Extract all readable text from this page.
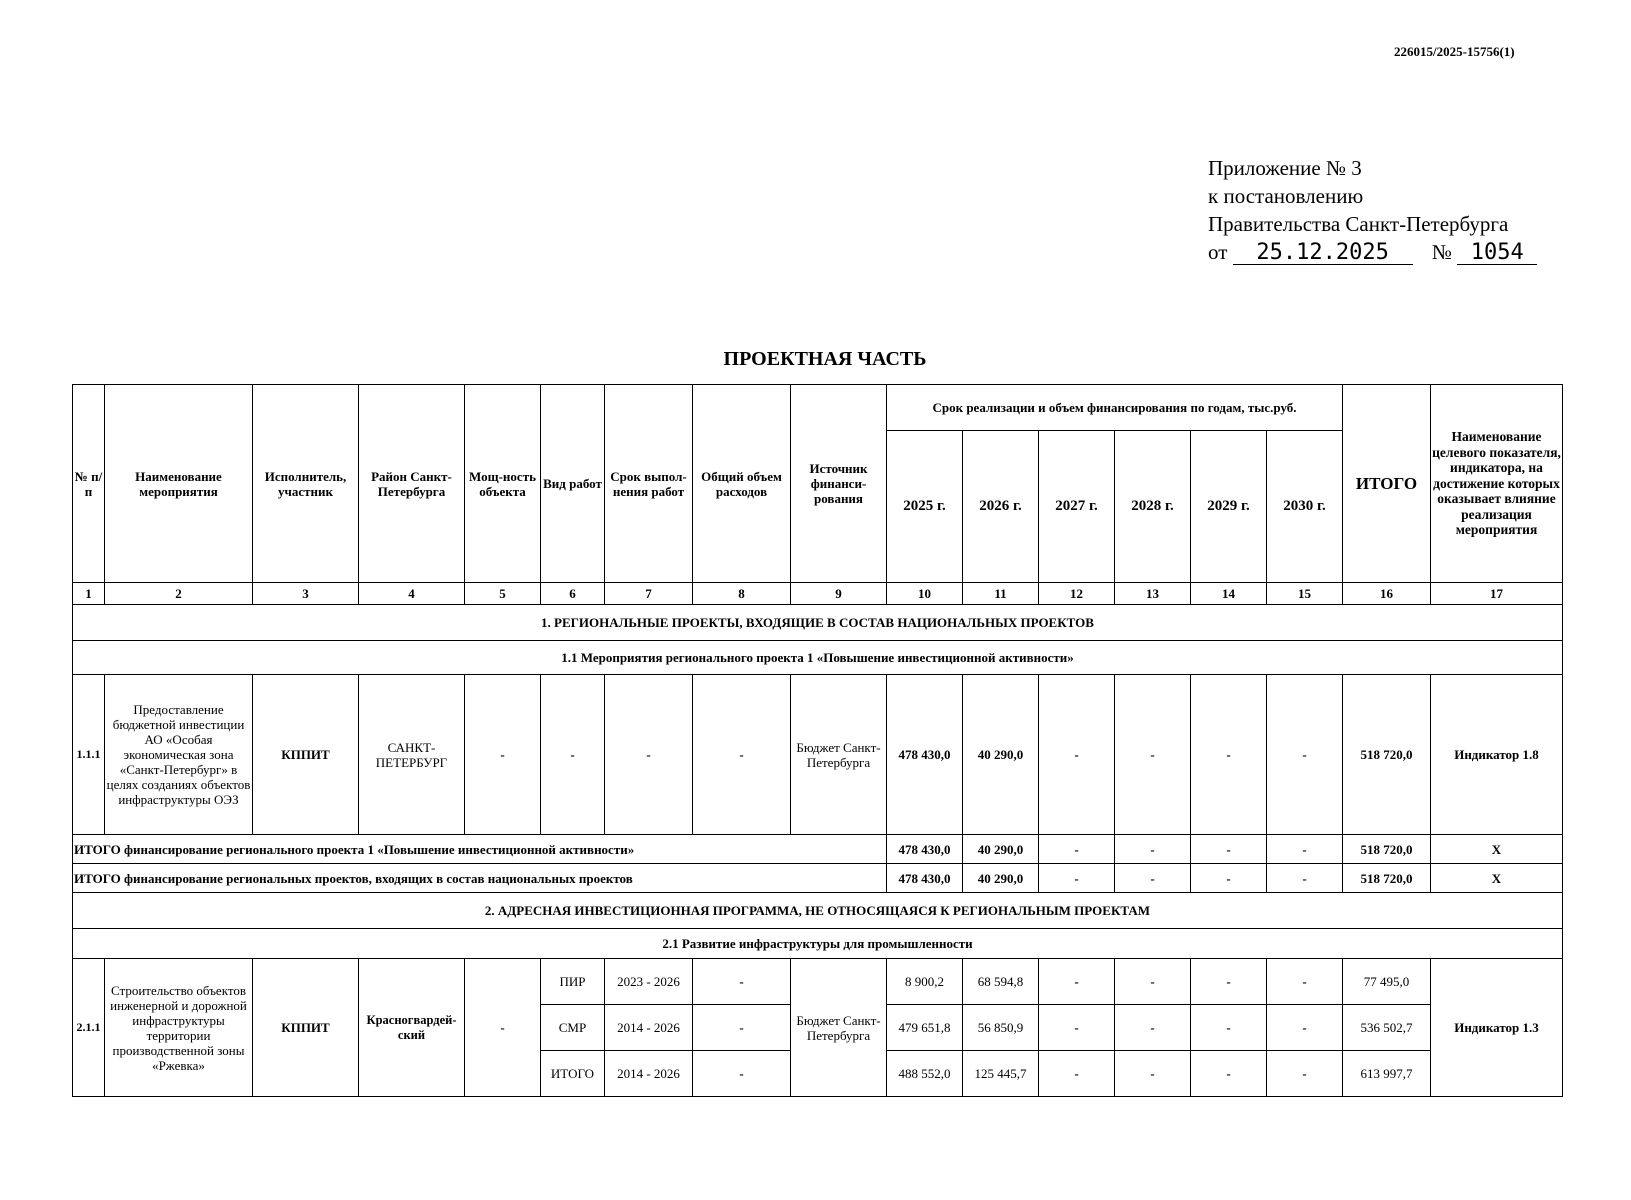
226015/2025-15756(1)
Приложение № 3
к постановлению
Правительства Санкт-Петербурга
от 25.12.2025 № 1054
ПРОЕКТНАЯ ЧАСТЬ
№ п/п	Наименование мероприятия	Исполнитель, участник	Район Санкт-Петербурга	Мощ-ность объекта	Вид работ	Срок выпол-нения работ	Общий объем расходов	Источник финанси-рования	Срок реализации и объем финансирования по годам, тыс.руб.						ИТОГО	Наименование целевого показателя, индикатора, на достижение которых оказывает влияние реализация мероприятия
									2025 г.	2026 г.	2027 г.	2028 г.	2029 г.	2030 г.		
1	2	3	4	5	6	7	8	9	10	11	12	13	14	15	16	17
1. РЕГИОНАЛЬНЫЕ ПРОЕКТЫ, ВХОДЯЩИЕ В СОСТАВ НАЦИОНАЛЬНЫХ ПРОЕКТОВ																
1.1 Мероприятия регионального проекта 1 «Повышение инвестиционной активности»																
1.1.1	Предоставление бюджетной инвестиции АО «Особая экономическая зона «Санкт-Петербург» в целях созданиях объектов инфраструктуры ОЭЗ	КППИТ	САНКТ-ПЕТЕРБУРГ	-	-	-	-	Бюджет Санкт-Петербурга	478 430,0	40 290,0	-	-	-	-	518 720,0	Индикатор 1.8
ИТОГО финансирование регионального проекта 1 «Повышение инвестиционной активности»									478 430,0	40 290,0	-	-	-	-	518 720,0	Х
ИТОГО финансирование региональных проектов, входящих в состав национальных проектов									478 430,0	40 290,0	-	-	-	-	518 720,0	Х
2. АДРЕСНАЯ ИНВЕСТИЦИОННАЯ ПРОГРАММА, НЕ ОТНОСЯЩАЯСЯ К РЕГИОНАЛЬНЫМ ПРОЕКТАМ																
2.1 Развитие инфраструктуры для промышленности																
2.1.1	Строительство объектов инженерной и дорожной инфраструктуры территории производственной зоны «Ржевка»	КППИТ	Красногвардей-ский	-	ПИР	2023 - 2026	-	Бюджет Санкт-Петербурга	8 900,2	68 594,8	-	-	-	-	77 495,0	Индикатор 1.3
					СМР	2014 - 2026	-		479 651,8	56 850,9	-	-	-	-	536 502,7	
					ИТОГО	2014 - 2026	-		488 552,0	125 445,7	-	-	-	-	613 997,7	
